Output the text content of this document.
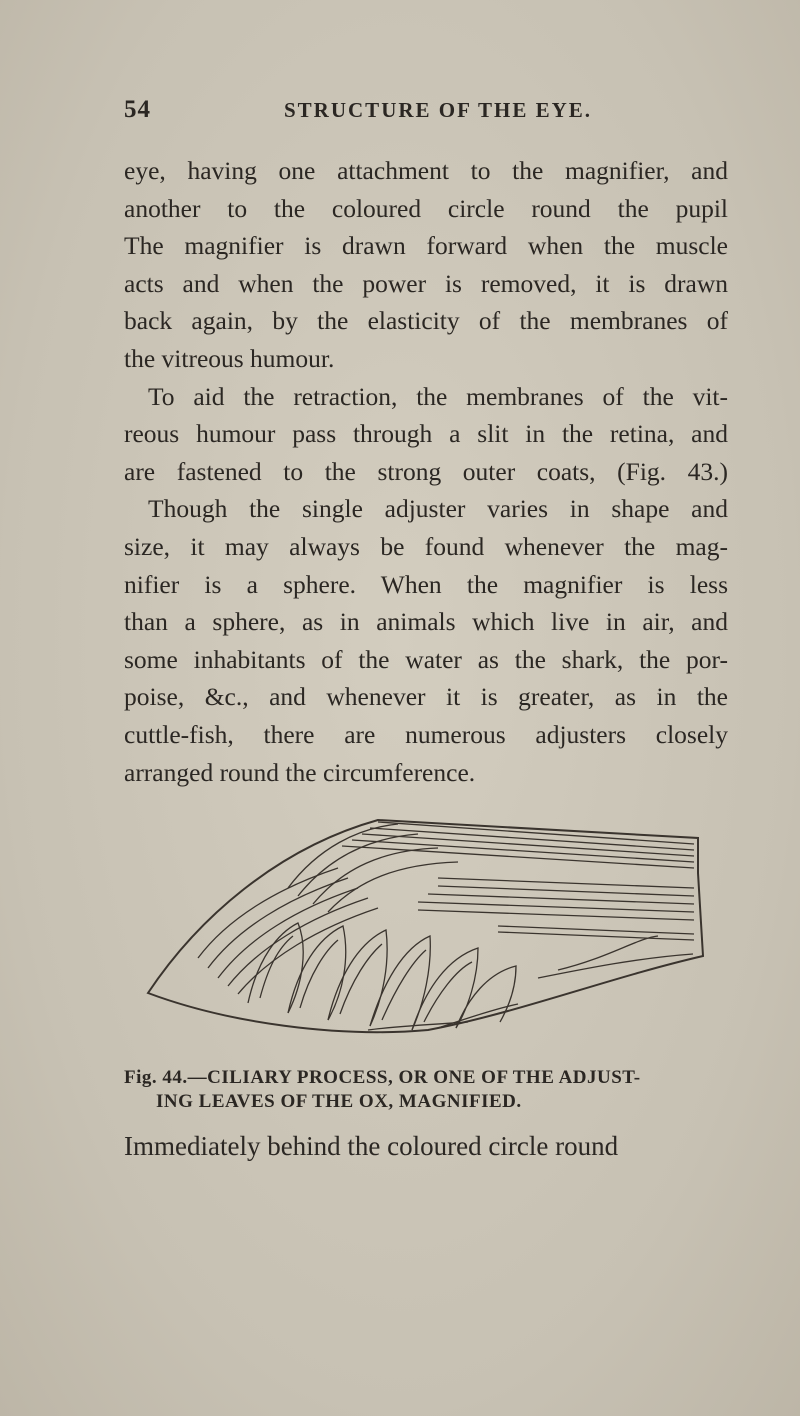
54	STRUCTURE OF THE EYE.
eye, having one attachment to the magnifier, and
another to the coloured circle round the pupil
The magnifier is drawn forward when the muscle
acts and when the power is removed, it is drawn
back again, by the elasticity of the membranes of
the vitreous humour.
To aid the retraction, the membranes of the vit-
reous humour pass through a slit in the retina, and
are fastened to the strong outer coats, (Fig. 43.)
Though the single adjuster varies in shape and
size, it may always be found whenever the mag-
nifier is a sphere. When the magnifier is less
than a sphere, as in animals which live in air, and
some inhabitants of the water as the shark, the por-
poise, &c., and whenever it is greater, as in the
cuttle-fish, there are numerous adjusters closely
arranged round the circumference.
Fig. 44.—CILIARY PROCESS, OR ONE OF THE ADJUST-
ING LEAVES OF THE OX, MAGNIFIED.
Immediately behind the coloured circle round
